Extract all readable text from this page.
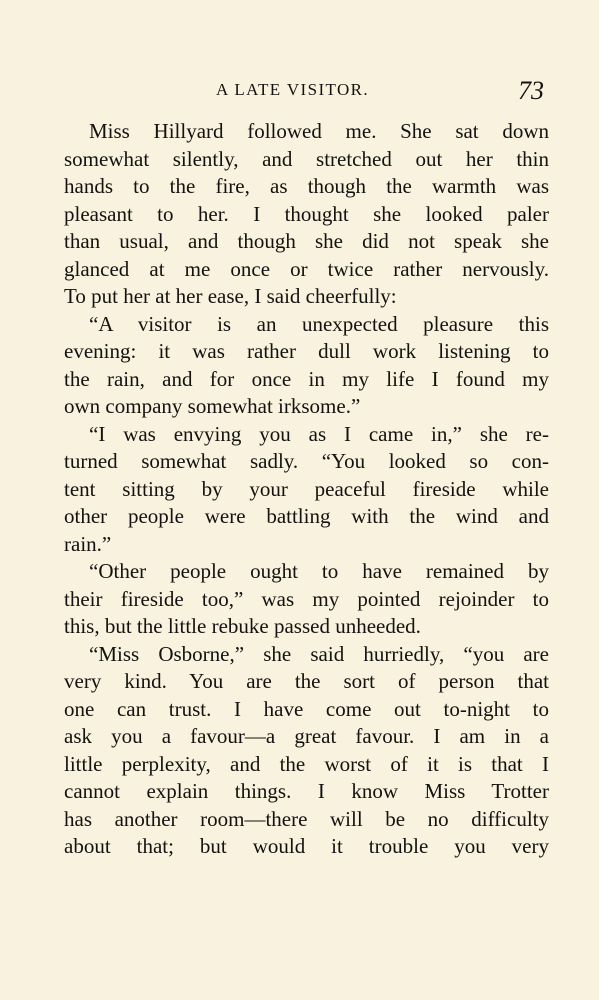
A LATE VISITOR.	73
Miss Hillyard followed me. She sat down
somewhat silently, and stretched out her thin
hands to the fire, as though the warmth was
pleasant to her. I thought she looked paler
than usual, and though she did not speak she
glanced at me once or twice rather nervously.
To put her at her ease, I said cheerfully:
“A visitor is an unexpected pleasure this
evening: it was rather dull work listening to
the rain, and for once in my life I found my
own company somewhat irksome.”
“I was envying you as I came in,” she re-
turned somewhat sadly. “You looked so con-
tent sitting by your peaceful fireside while
other people were battling with the wind and
rain.”
“Other people ought to have remained by
their fireside too,” was my pointed rejoinder to
this, but the little rebuke passed unheeded.
“Miss Osborne,” she said hurriedly, “you are
very kind. You are the sort of person that
one can trust. I have come out to-night to
ask you a favour—a great favour. I am in a
little perplexity, and the worst of it is that I
cannot explain things. I know Miss Trotter
has another room—there will be no difficulty
about that; but would it trouble you very
